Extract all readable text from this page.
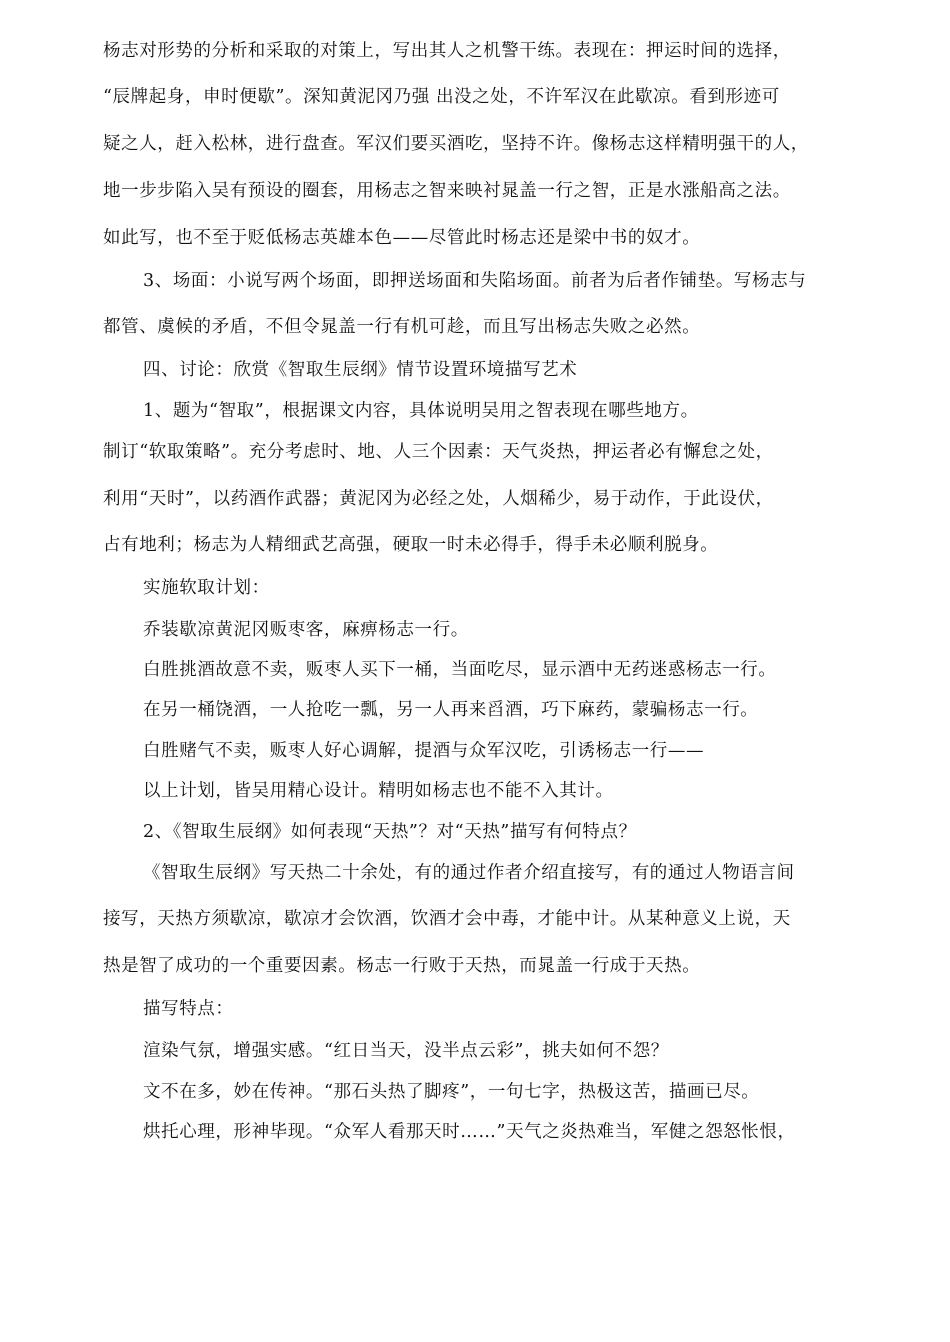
杨志对形势的分析和采取的对策上，写出其人之机警干练。表现在：押运时间的选择，
“辰牌起身，申时便歇”。深知黄泥冈乃强 出没之处，不许军汉在此歇凉。看到形迹可
疑之人，赶入松林，进行盘查。军汉们要买酒吃，坚持不许。像杨志这样精明强干的人，
地一步步陷入吴有预设的圈套，用杨志之智来映衬晁盖一行之智，正是水涨船高之法。
如此写，也不至于贬低杨志英雄本色——尽管此时杨志还是梁中书的奴才。
3、场面：小说写两个场面，即押送场面和失陷场面。前者为后者作铺垫。写杨志与
都管、虞候的矛盾，不但令晁盖一行有机可趁，而且写出杨志失败之必然。
四、讨论：欣赏《智取生辰纲》情节设置环境描写艺术
1、题为“智取”，根据课文内容，具体说明吴用之智表现在哪些地方。
制订“软取策略”。充分考虑时、地、人三个因素：天气炎热，押运者必有懈怠之处，
利用“天时”，以药酒作武器；黄泥冈为必经之处，人烟稀少，易于动作，于此设伏，
占有地利；杨志为人精细武艺高强，硬取一时未必得手，得手未必顺利脱身。
实施软取计划：
乔装歇凉黄泥冈贩枣客，麻痹杨志一行。
白胜挑酒故意不卖，贩枣人买下一桶，当面吃尽，显示酒中无药迷惑杨志一行。
在另一桶饶酒，一人抢吃一瓢，另一人再来舀酒，巧下麻药，蒙骗杨志一行。
白胜赌气不卖，贩枣人好心调解，提酒与众军汉吃，引诱杨志一行——
以上计划，皆吴用精心设计。精明如杨志也不能不入其计。
2、《智取生辰纲》如何表现“天热”？对“天热”描写有何特点？
《智取生辰纲》写天热二十余处，有的通过作者介绍直接写，有的通过人物语言间
接写，天热方须歇凉，歇凉才会饮酒，饮酒才会中毒，才能中计。从某种意义上说，天
热是智了成功的一个重要因素。杨志一行败于天热，而晁盖一行成于天热。
描写特点：
渲染气氛，增强实感。“红日当天，没半点云彩”，挑夫如何不怨？
文不在多，妙在传神。“那石头热了脚疼”，一句七字，热极这苦，描画已尽。
烘托心理，形神毕现。“众军人看那天时……”天气之炎热难当，军健之怨怒怅恨，
